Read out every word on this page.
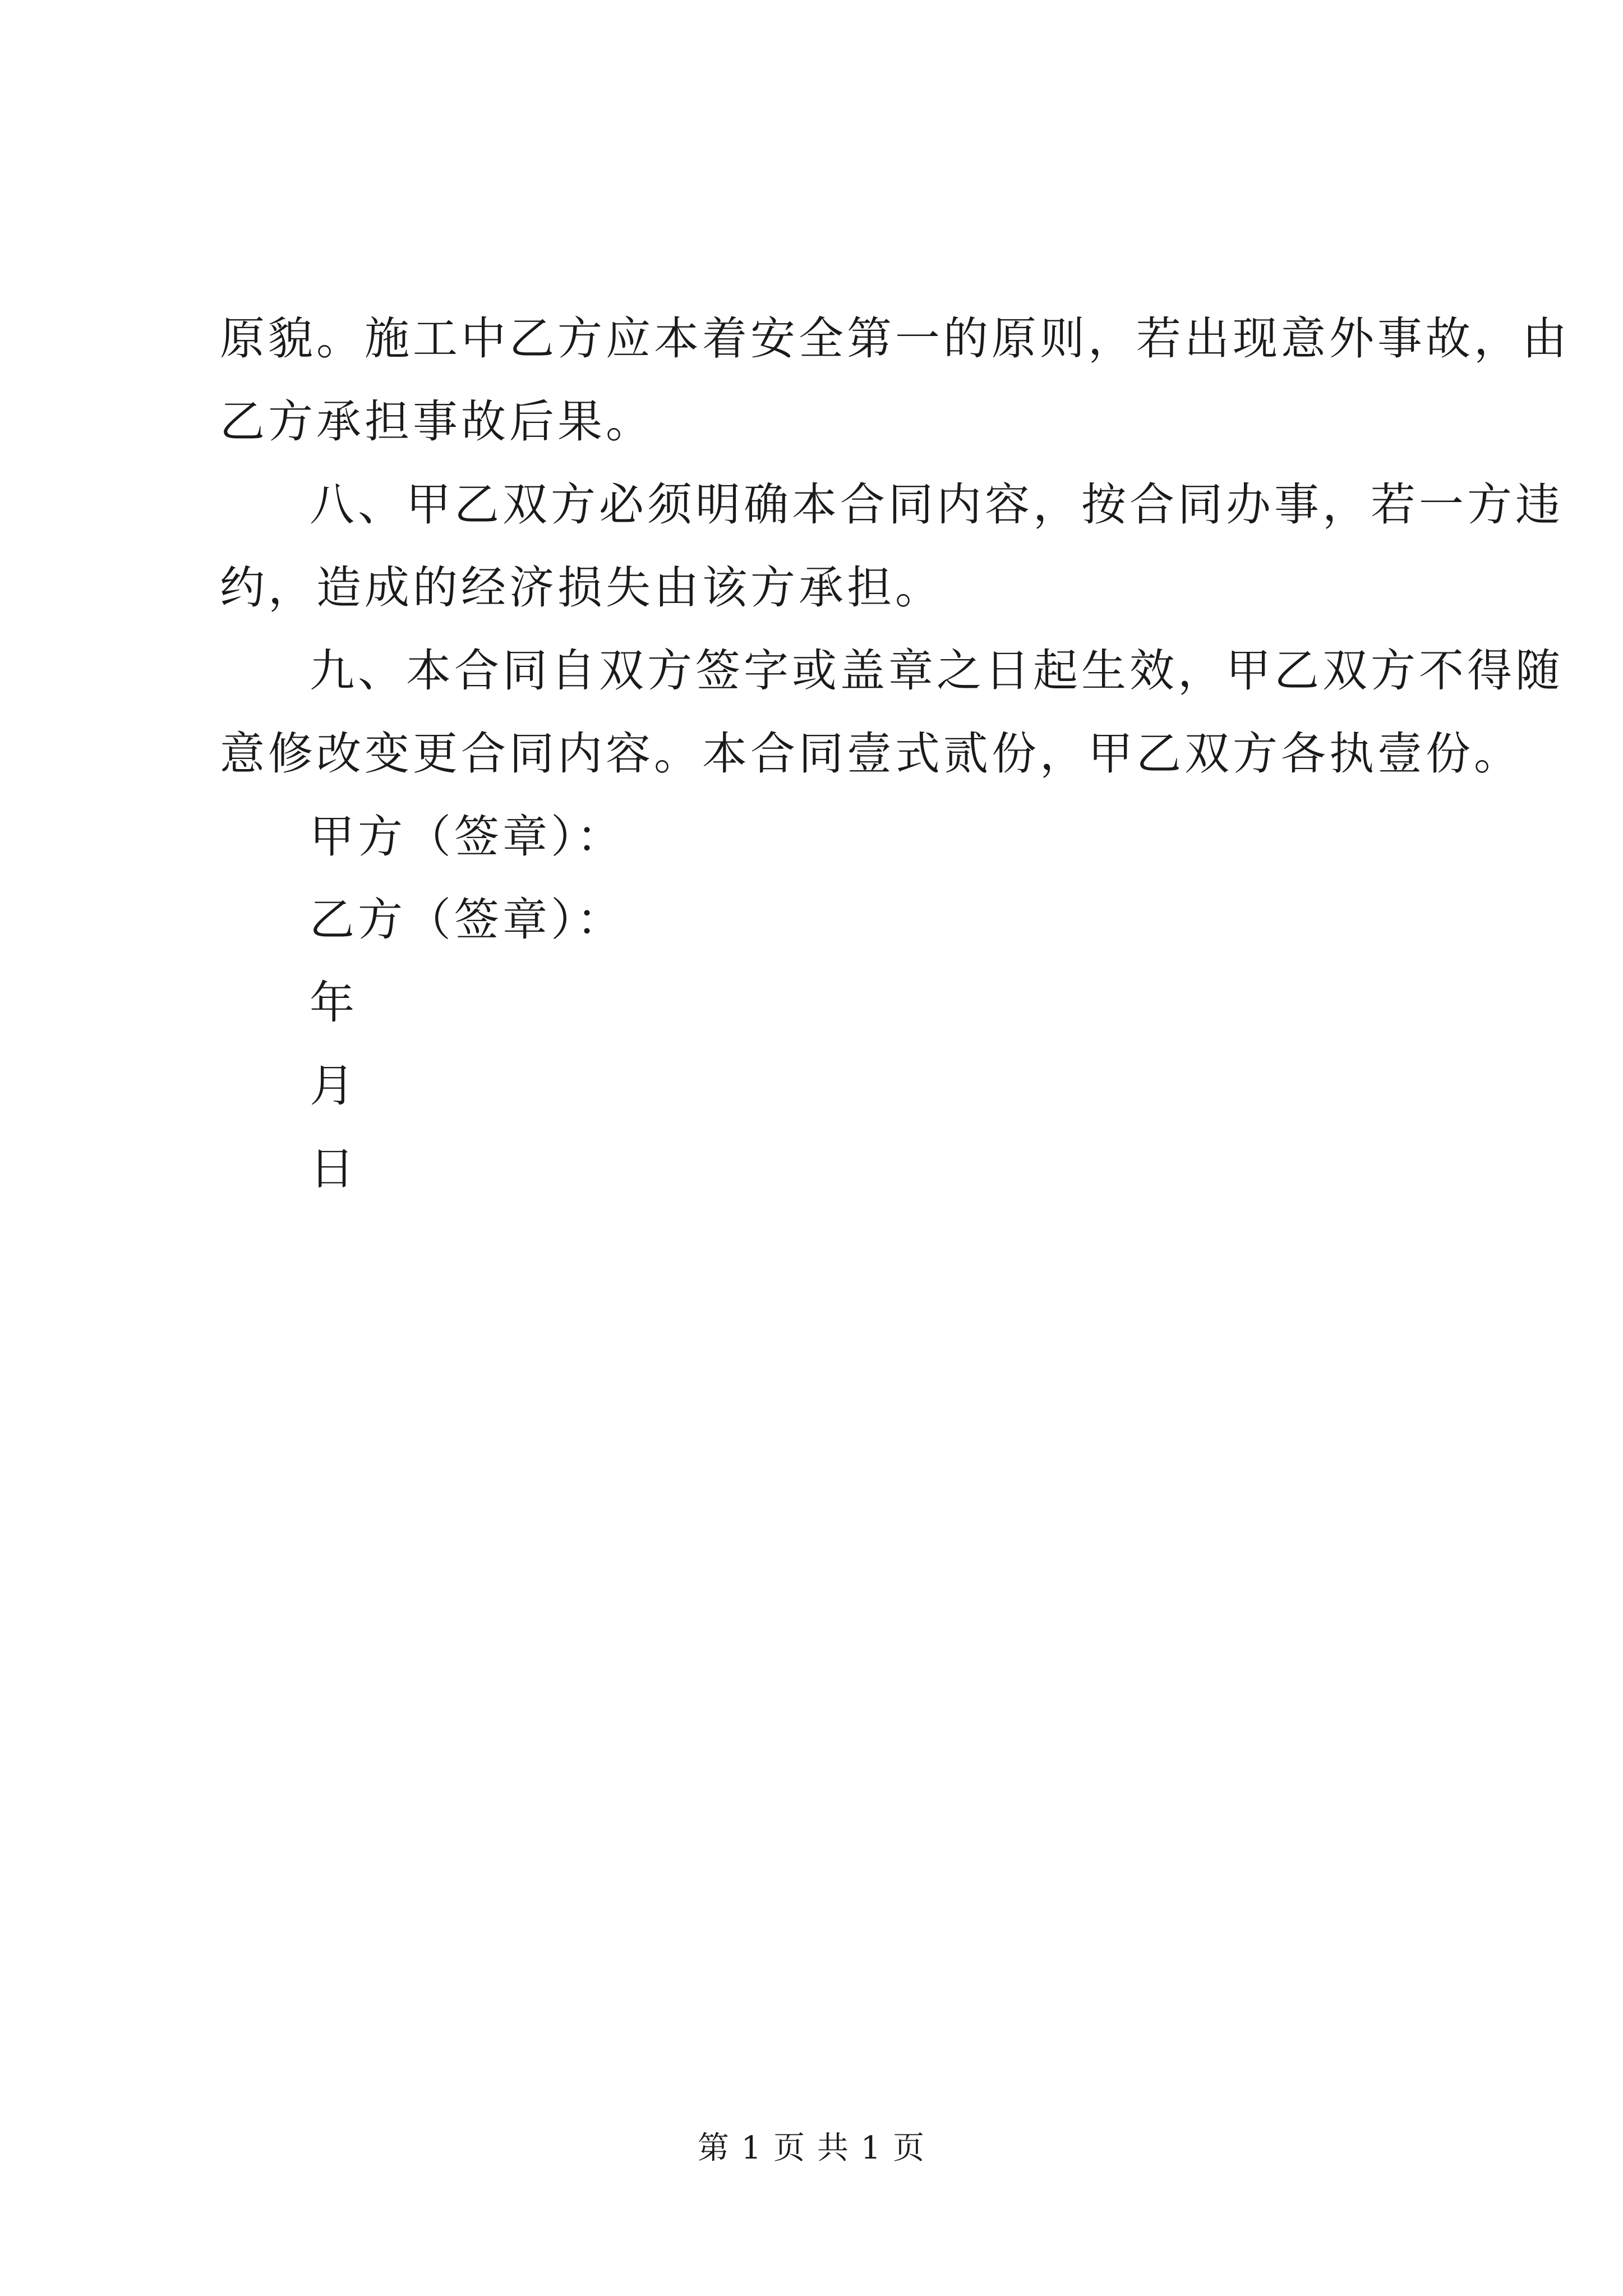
原貌。施工中乙方应本着安全第一的原则，若出现意外事故，由
乙方承担事故后果。
八、甲乙双方必须明确本合同内容，按合同办事，若一方违
约，造成的经济损失由该方承担。
九、本合同自双方签字或盖章之日起生效，甲乙双方不得随
意修改变更合同内容。本合同壹式贰份，甲乙双方各执壹份。
甲方（签章）：
乙方（签章）：
年
月
日
第 1 页 共 1 页
